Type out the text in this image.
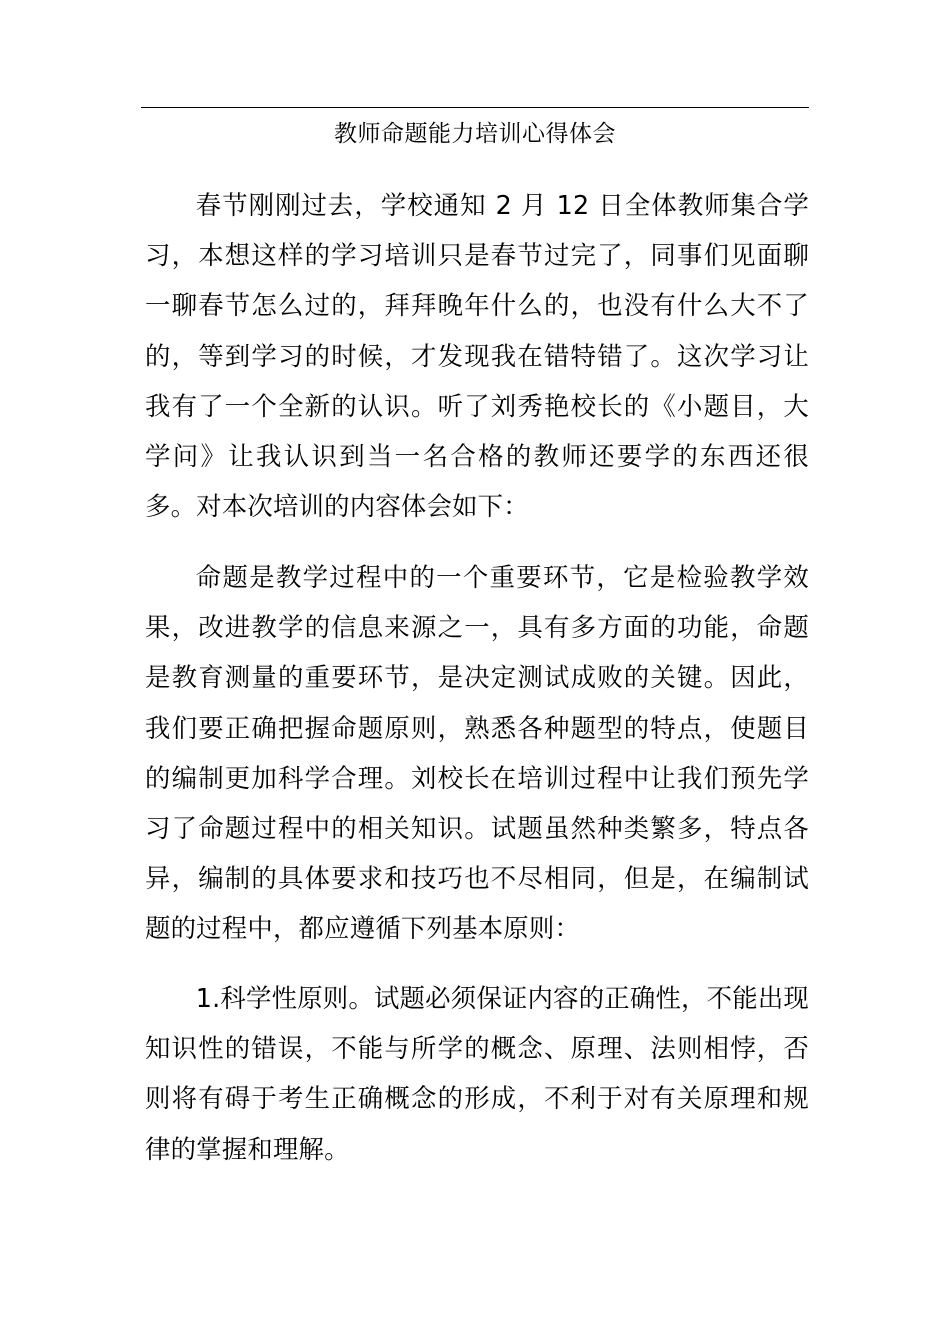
教师命题能力培训心得体会

春节刚刚过去，学校通知 2 月 12 日全体教师集合学习，本想这样的学习培训只是春节过完了，同事们见面聊一聊春节怎么过的，拜拜晚年什么的，也没有什么大不了的，等到学习的时候，才发现我在错特错了。这次学习让我有了一个全新的认识。听了刘秀艳校长的《小题目，大学问》让我认识到当一名合格的教师还要学的东西还很多。对本次培训的内容体会如下：

命题是教学过程中的一个重要环节，它是检验教学效果，改进教学的信息来源之一，具有多方面的功能，命题是教育测量的重要环节，是决定测试成败的关键。因此，我们要正确把握命题原则，熟悉各种题型的特点，使题目的编制更加科学合理。刘校长在培训过程中让我们预先学习了命题过程中的相关知识。试题虽然种类繁多，特点各异，编制的具体要求和技巧也不尽相同，但是，在编制试题的过程中，都应遵循下列基本原则：

1.科学性原则。试题必须保证内容的正确性，不能出现知识性的错误，不能与所学的概念、原理、法则相悖，否则将有碍于考生正确概念的形成，不利于对有关原理和规律的掌握和理解。
